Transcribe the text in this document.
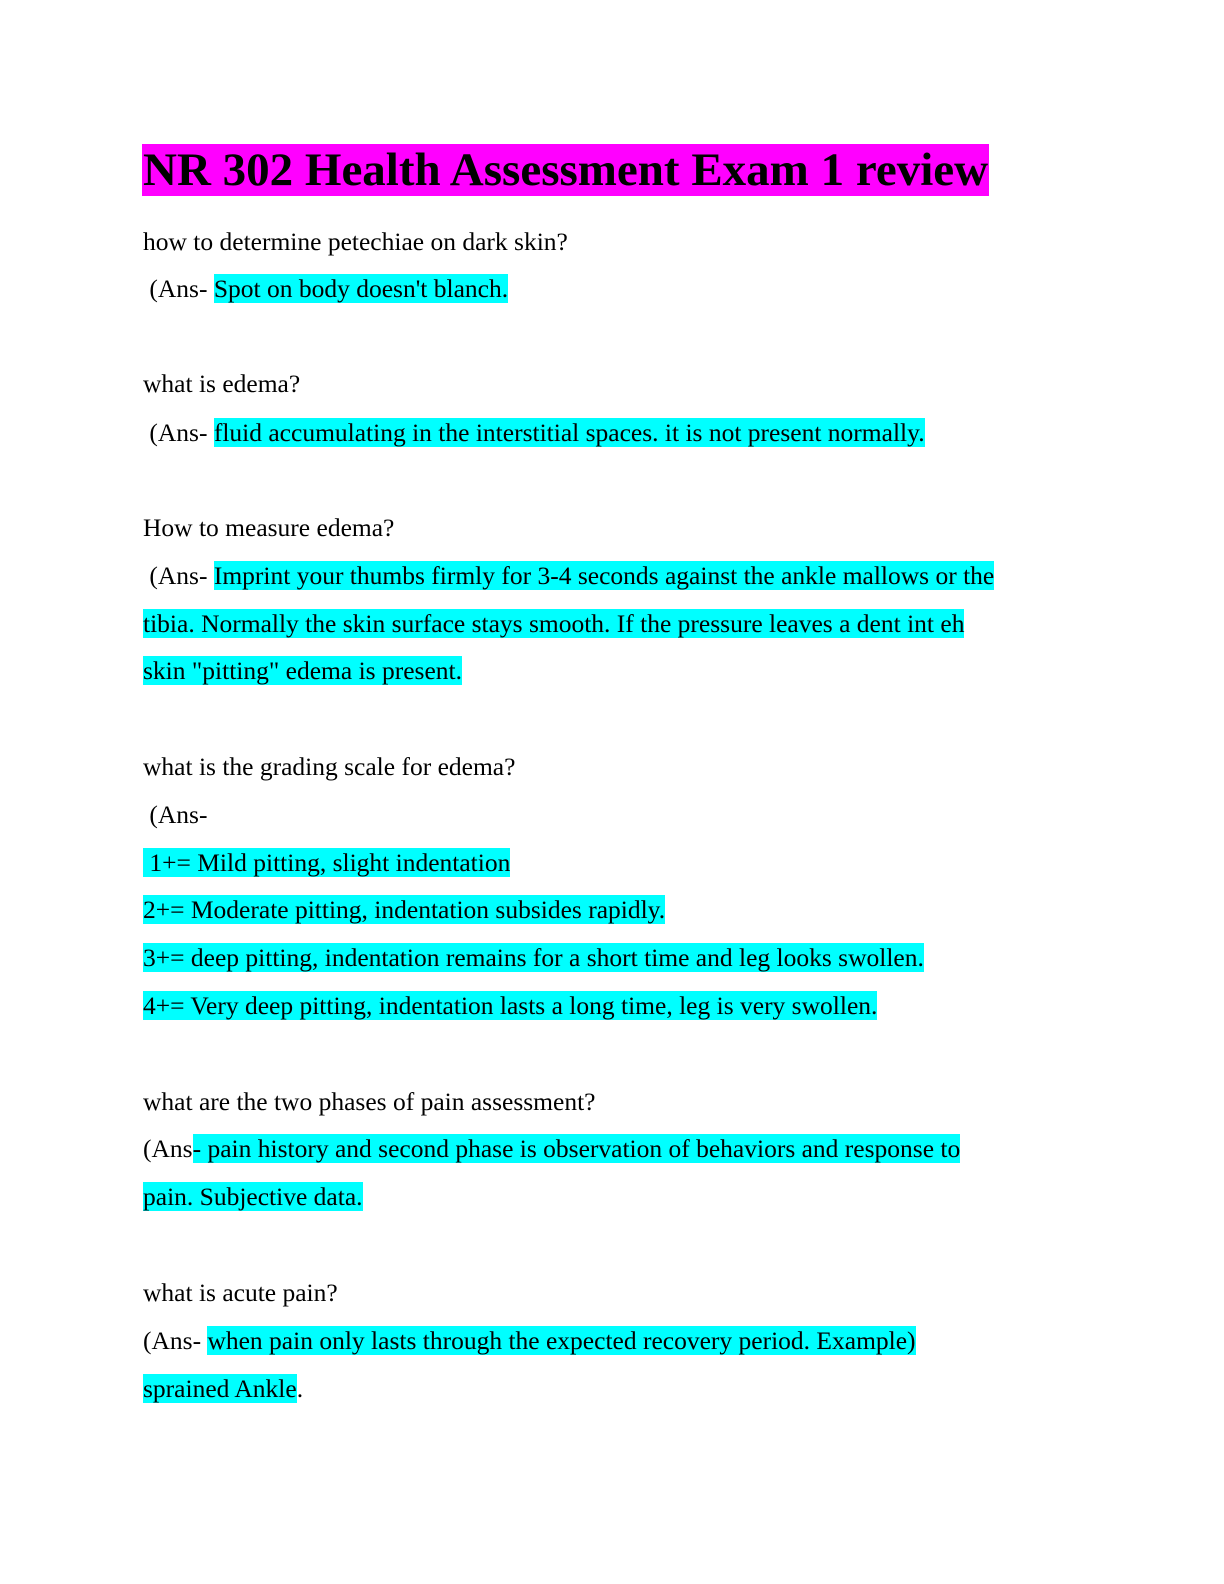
NR 302 Health Assessment Exam 1 review
how to determine petechiae on dark skin?
(Ans- Spot on body doesn't blanch.
what is edema?
(Ans- fluid accumulating in the interstitial spaces. it is not present normally.
How to measure edema?
(Ans- Imprint your thumbs firmly for 3-4 seconds against the ankle mallows or the
tibia. Normally the skin surface stays smooth. If the pressure leaves a dent int eh
skin "pitting" edema is present.
what is the grading scale for edema?
(Ans-
1+= Mild pitting, slight indentation
2+= Moderate pitting, indentation subsides rapidly.
3+= deep pitting, indentation remains for a short time and leg looks swollen.
4+= Very deep pitting, indentation lasts a long time, leg is very swollen.
what are the two phases of pain assessment?
(Ans- pain history and second phase is observation of behaviors and response to
pain. Subjective data.
what is acute pain?
(Ans- when pain only lasts through the expected recovery period. Example)
sprained Ankle.
